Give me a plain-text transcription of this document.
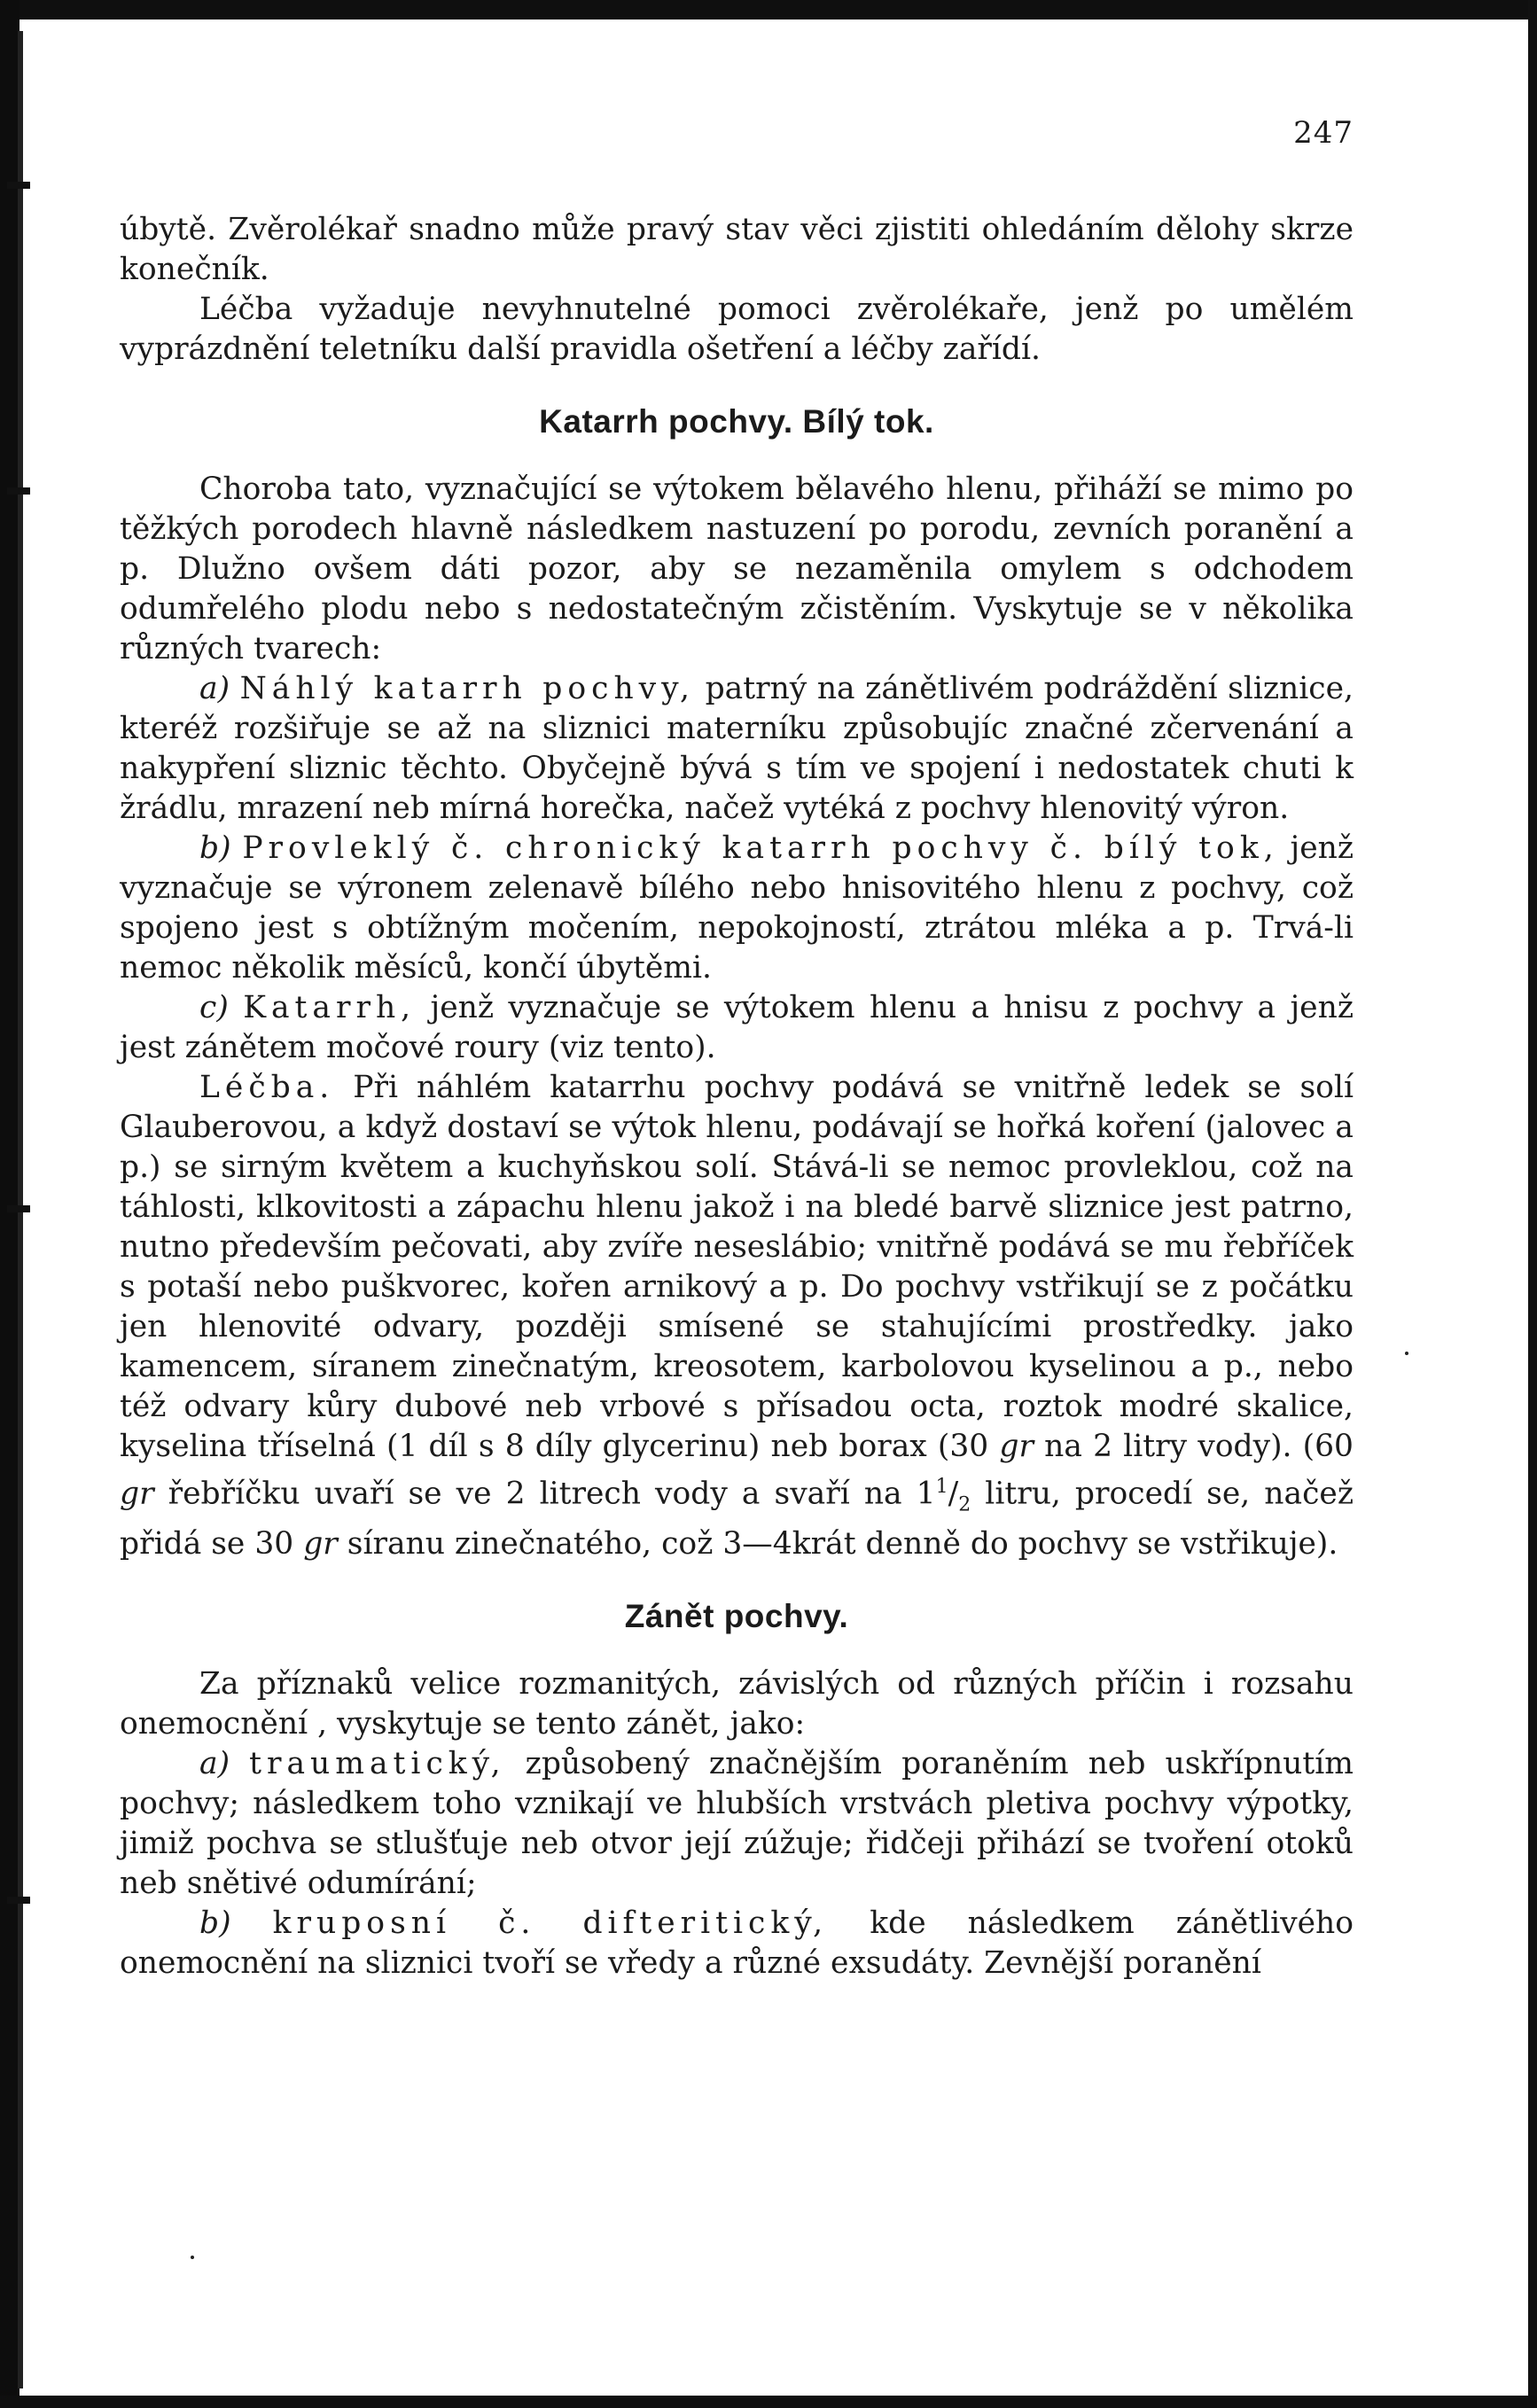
247

úbytě. Zvěrolékař snadno může pravý stav věci zjistiti ohledáním dělohy skrze konečník.

Léčba vyžaduje nevyhnutelné pomoci zvěrolékaře, jenž po umělém vyprázdnění teletníku další pravidla ošetření a léčby zařídí.

Katarrh pochvy. Bílý tok.

Choroba tato, vyznačující se výtokem bělavého hlenu, přiháží se mimo po těžkých porodech hlavně následkem nastuzení po porodu, zevních poranění a p. Dlužno ovšem dáti pozor, aby se nezaměnila omylem s odchodem odumřelého plodu nebo s nedostatečným zčistěním. Vyskytuje se v několika různých tvarech:

a) Náhlý katarrh pochvy, patrný na zánětlivém podráždění sliznice, kteréž rozšiřuje se až na sliznici materníku způsobujíc značné zčervenání a nakypření sliznic těchto. Obyčejně bývá s tím ve spojení i nedostatek chuti k žrádlu, mrazení neb mírná horečka, načež vytéká z pochvy hlenovitý výron.

b) Provleklý č. chronický katarrh pochvy č. bílý tok, jenž vyznačuje se výronem zelenavě bílého nebo hnisovitého hlenu z pochvy, což spojeno jest s obtížným močením, nepokojností, ztrátou mléka a p. Trvá-li nemoc několik měsíců, končí úbytěmi.

c) Katarrh, jenž vyznačuje se výtokem hlenu a hnisu z pochvy a jenž jest zánětem močové roury (viz tento).

Léčba. Při náhlém katarrhu pochvy podává se vnitřně ledek se solí Glauberovou, a když dostaví se výtok hlenu, podávají se hořká koření (jalovec a p.) se sirným květem a kuchyňskou solí. Stává-li se nemoc provleklou, což na táhlosti, klkovitosti a zápachu hlenu jakož i na bledé barvě sliznice jest patrno, nutno především pečovati, aby zvíře neseslábio; vnitřně podává se mu řebříček s potaší nebo puškvorec, kořen arnikový a p. Do pochvy vstřikují se z počátku jen hlenovité odvary, později smísené se stahujícími prostředky. jako kamencem, síranem zinečnatým, kreosotem, karbolovou kyselinou a p., nebo též odvary kůry dubové neb vrbové s přísadou octa, roztok modré skalice, kyselina tříselná (1 díl s 8 díly glycerinu) neb borax (30 gr na 2 litry vody). (60 gr řebříčku uvaří se ve 2 litrech vody a svaří na $1^1/_2$ litru, procedí se, načež přidá se 30 gr síranu zinečnatého, což 3—4krát denně do pochvy se vstřikuje).

Zánět pochvy.

Za příznaků velice rozmanitých, závislých od různých příčin i rozsahu onemocnění , vyskytuje se tento zánět, jako:

a) traumatický, způsobený značnějším poraněním neb uskřípnutím pochvy; následkem toho vznikají ve hlubších vrstvách pletiva pochvy výpotky, jimiž pochva se stlušťuje neb otvor její zúžuje; řidčeji přihází se tvoření otoků neb snětivé odumírání;

b) kruposní č. difteritický, kde následkem zánětlivého onemocnění na sliznici tvoří se vředy a různé exsudáty. Zevnější poranění
